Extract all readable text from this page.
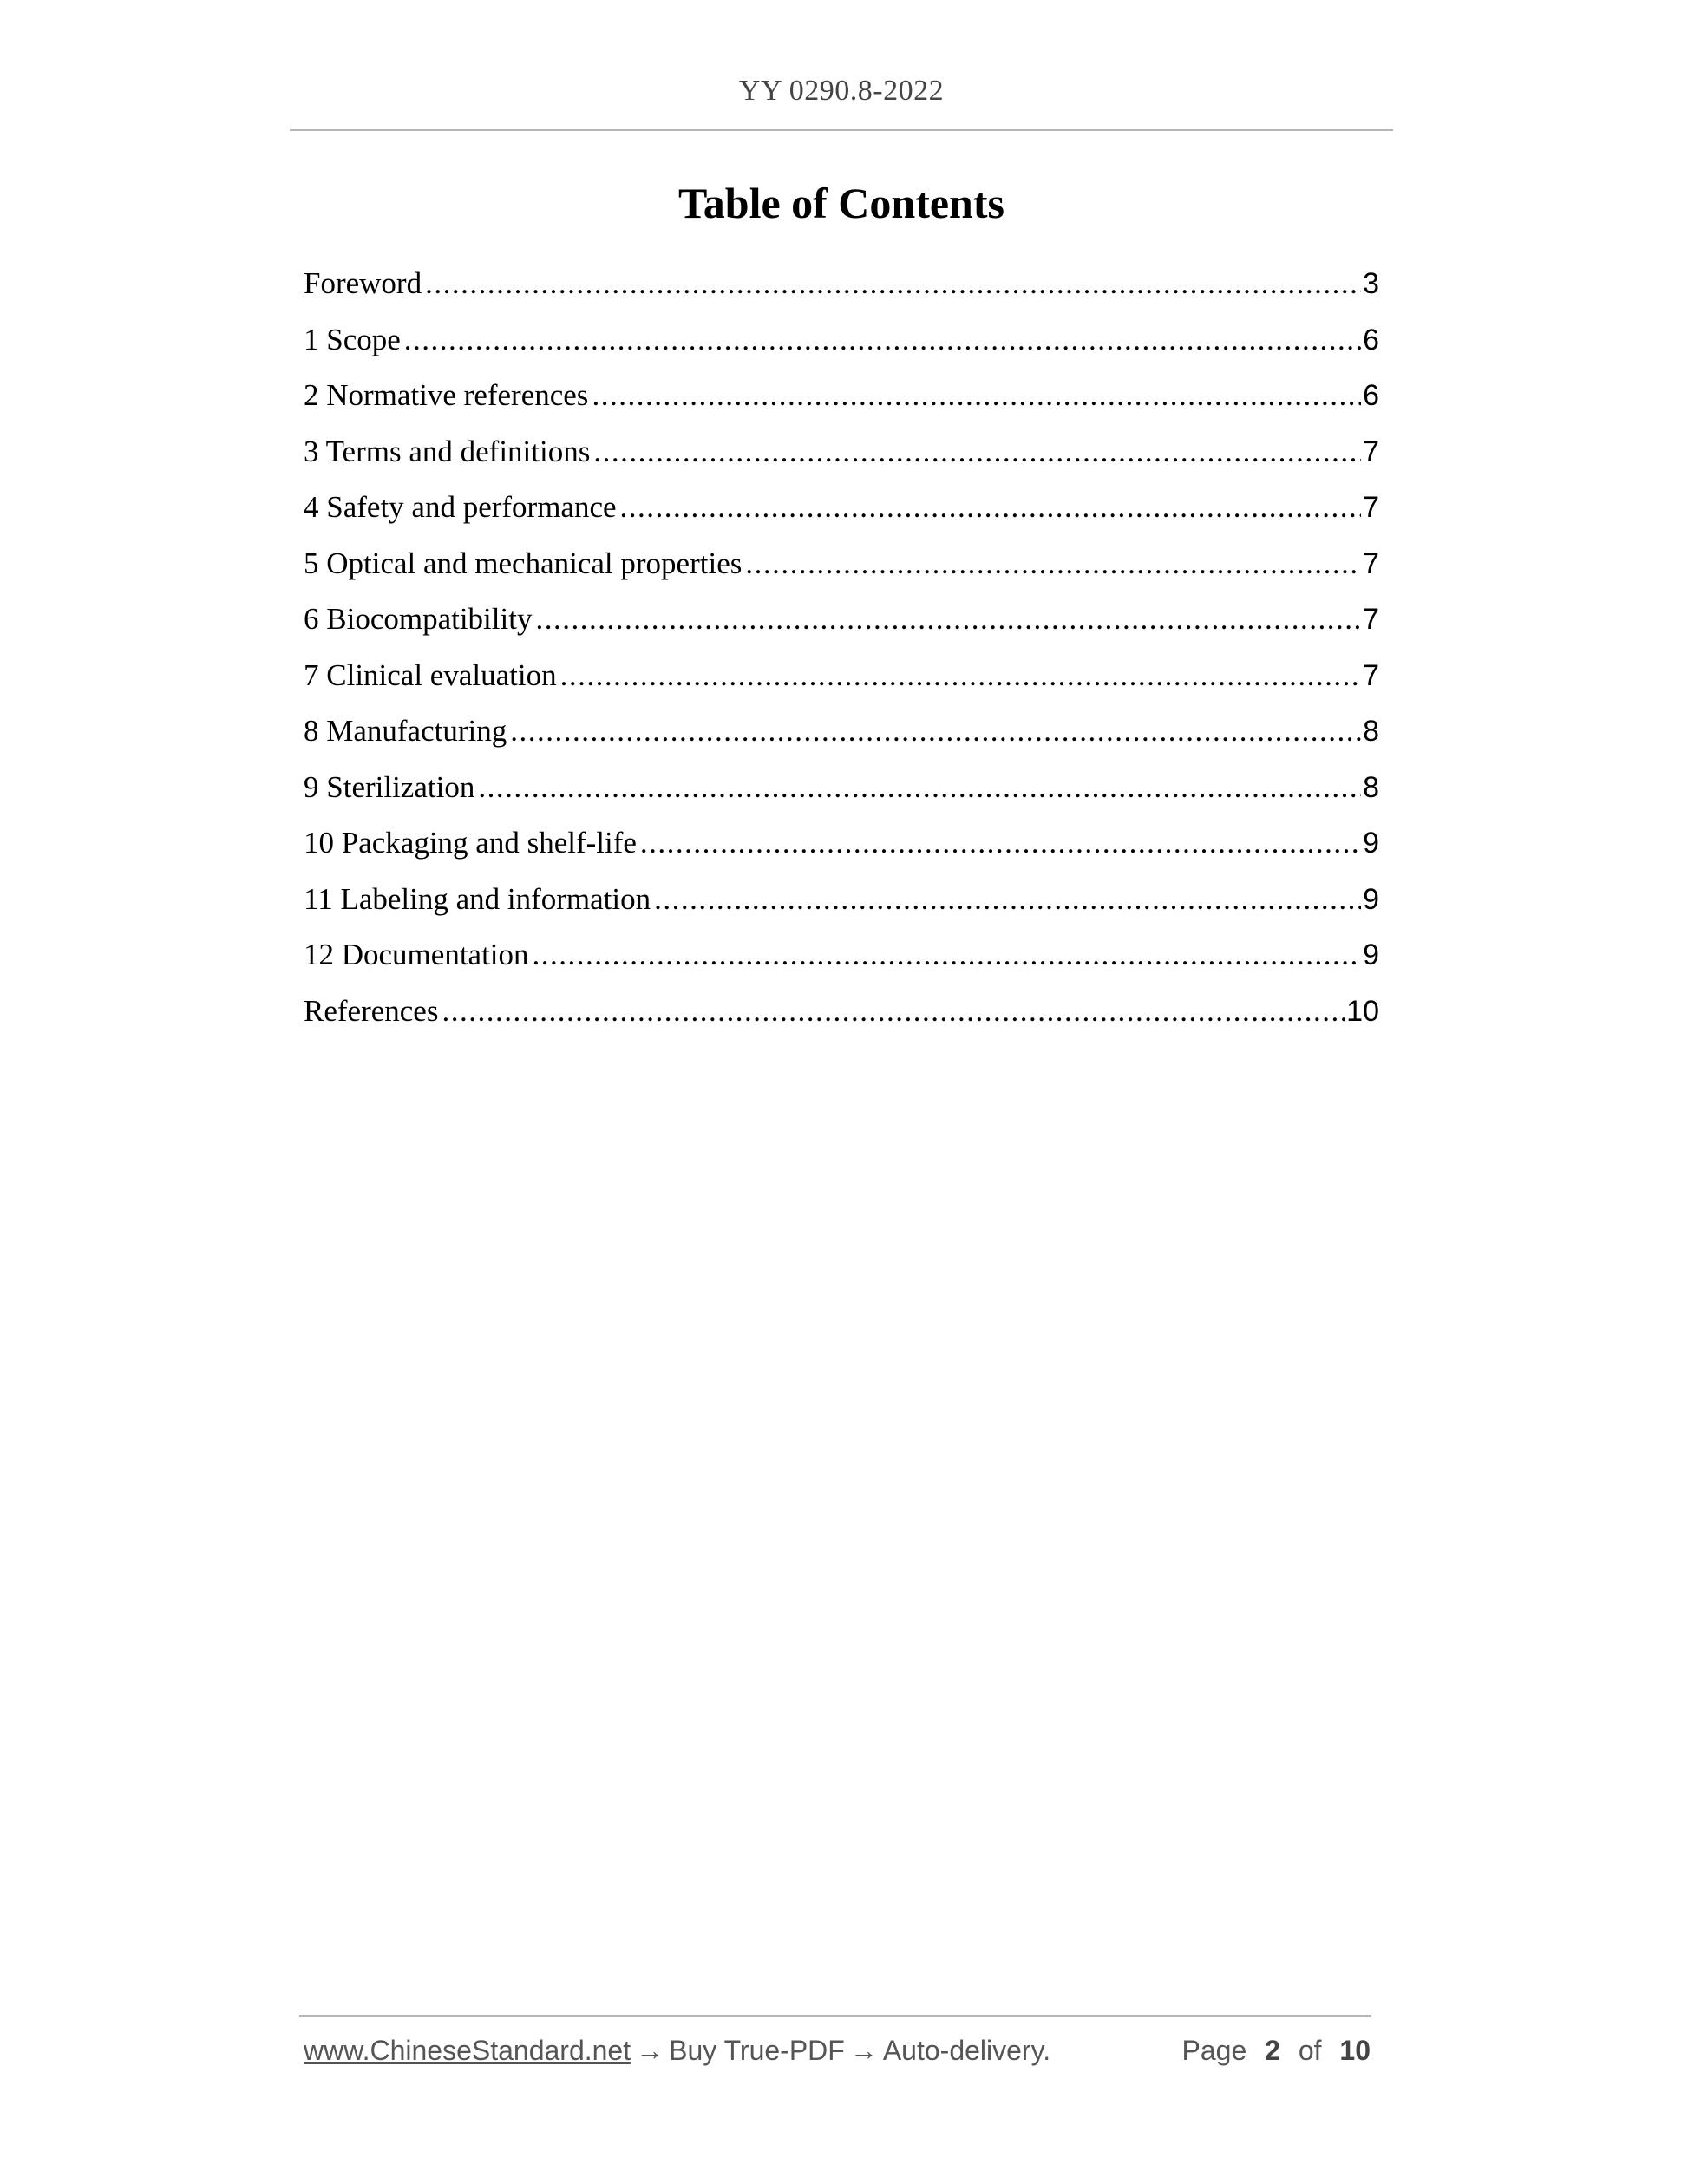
YY 0290.8-2022
Table of Contents
Foreword .....	3
1 Scope .....	6
2 Normative references .....	6
3 Terms and definitions .....	7
4 Safety and performance .....	7
5 Optical and mechanical properties .....	7
6 Biocompatibility .....	7
7 Clinical evaluation .....	7
8 Manufacturing .....	8
9 Sterilization .....	8
10 Packaging and shelf-life .....	9
11 Labeling and information .....	9
12 Documentation .....	9
References .....	10
www.ChineseStandard.net → Buy True-PDF → Auto-delivery.	Page 2 of 10
